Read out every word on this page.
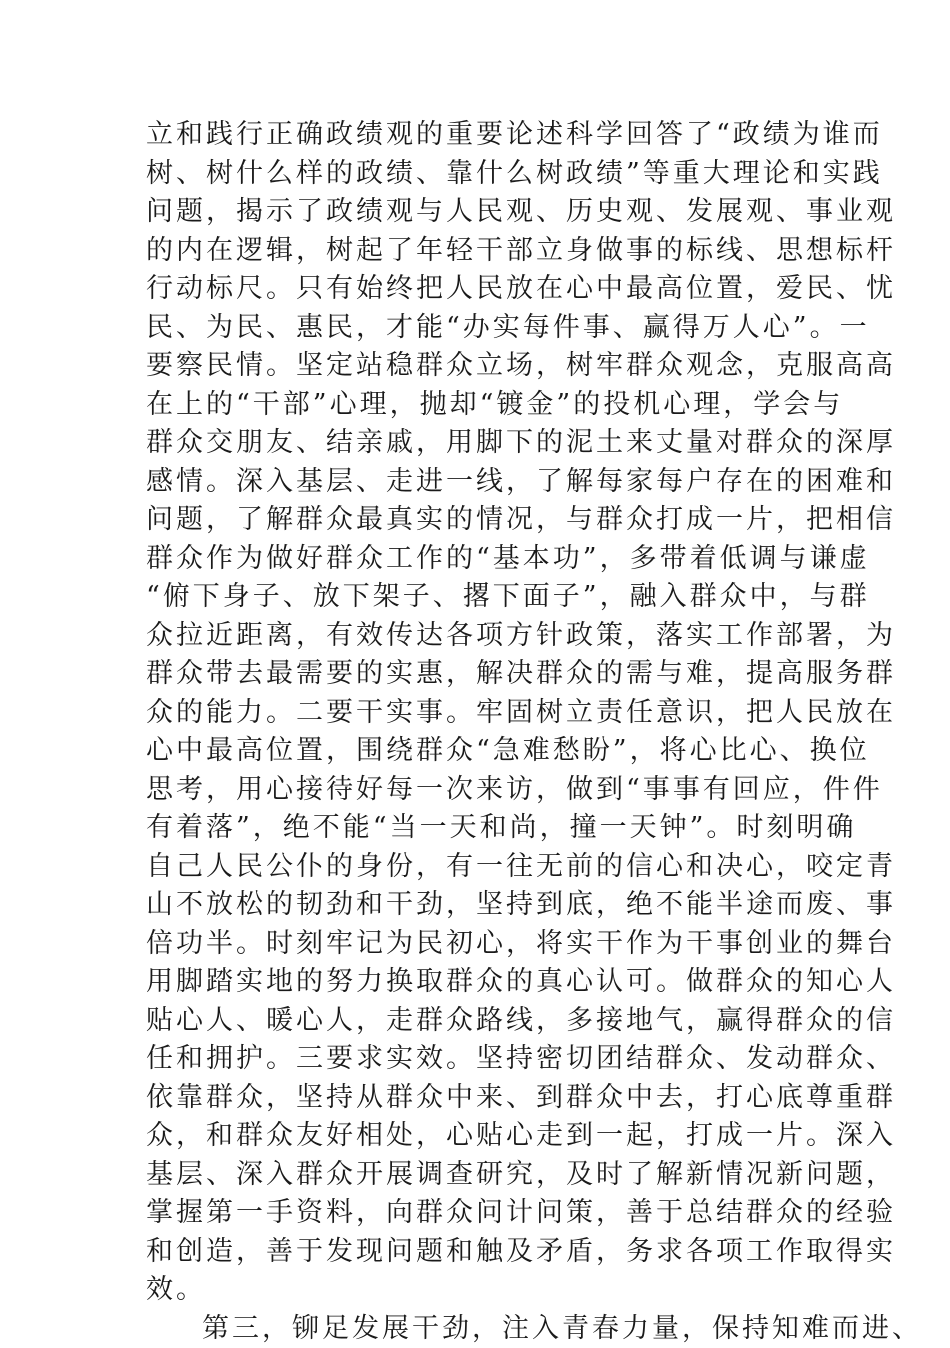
立和践行正确政绩观的重要论述科学回答了“政绩为谁而
树、树什么样的政绩、靠什么树政绩”等重大理论和实践
问题，揭示了政绩观与人民观、历史观、发展观、事业观
的内在逻辑，树起了年轻干部立身做事的标线、思想标杆
行动标尺。只有始终把人民放在心中最高位置，爱民、忧
民、为民、惠民，才能“办实每件事、赢得万人心”。一
要察民情。坚定站稳群众立场，树牢群众观念，克服高高
在上的“干部”心理，抛却“镀金”的投机心理，学会与
群众交朋友、结亲戚，用脚下的泥土来丈量对群众的深厚
感情。深入基层、走进一线，了解每家每户存在的困难和
问题，了解群众最真实的情况，与群众打成一片，把相信
群众作为做好群众工作的“基本功”，多带着低调与谦虚
“俯下身子、放下架子、撂下面子”，融入群众中，与群
众拉近距离，有效传达各项方针政策，落实工作部署，为
群众带去最需要的实惠，解决群众的需与难，提高服务群
众的能力。二要干实事。牢固树立责任意识，把人民放在
心中最高位置，围绕群众“急难愁盼”，将心比心、换位
思考，用心接待好每一次来访，做到“事事有回应，件件
有着落”，绝不能“当一天和尚，撞一天钟”。时刻明确
自己人民公仆的身份，有一往无前的信心和决心，咬定青
山不放松的韧劲和干劲，坚持到底，绝不能半途而废、事
倍功半。时刻牢记为民初心，将实干作为干事创业的舞台
用脚踏实地的努力换取群众的真心认可。做群众的知心人
贴心人、暖心人，走群众路线，多接地气，赢得群众的信
任和拥护。三要求实效。坚持密切团结群众、发动群众、
依靠群众，坚持从群众中来、到群众中去，打心底尊重群
众，和群众友好相处，心贴心走到一起，打成一片。深入
基层、深入群众开展调查研究，及时了解新情况新问题，
掌握第一手资料，向群众问计问策，善于总结群众的经验
和创造，善于发现问题和触及矛盾，务求各项工作取得实
效。
第三，铆足发展干劲，注入青春力量，保持知难而进、
